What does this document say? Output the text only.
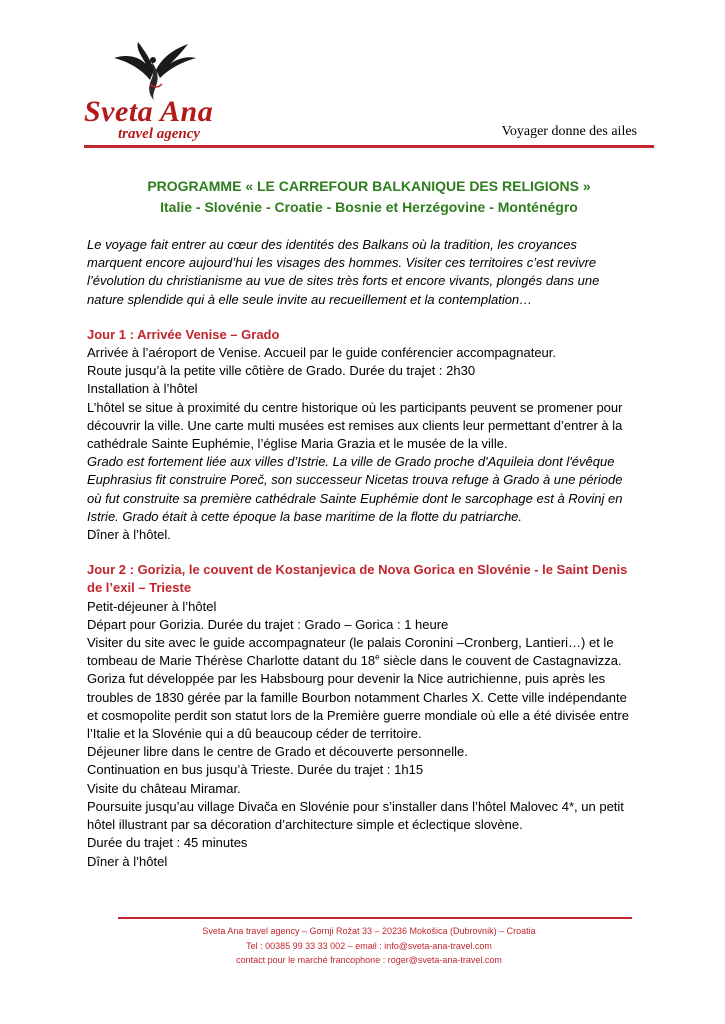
Sveta Ana
travel agency	Voyager donne des ailes
PROGRAMME « LE CARREFOUR BALKANIQUE DES RELIGIONS »
Italie - Slovénie - Croatie - Bosnie et Herzégovine - Monténégro

Le voyage fait entrer au cœur des identités des Balkans où la tradition, les croyances marquent encore aujourd’hui les visages des hommes. Visiter ces territoires c’est revivre l’évolution du christianisme au vue de sites très forts et encore vivants, plongés dans une nature splendide qui à elle seule invite au recueillement et la contemplation…

Jour 1 : Arrivée Venise – Grado

Arrivée à l’aéroport de Venise. Accueil par le guide conférencier accompagnateur.

Route jusqu’à la petite ville côtière de Grado. Durée du trajet : 2h30

Installation à l’hôtel

L’hôtel se situe à proximité du centre historique où les participants peuvent se promener pour découvrir la ville. Une carte multi musées est remises aux clients leur permettant d’entrer à la cathédrale Sainte Euphémie, l’église Maria Grazia et le musée de la ville.

Grado est fortement liée aux villes d’Istrie. La ville de Grado proche d'Aquileia dont l'évêque Euphrasius fit construire Poreč, son successeur Nicetas trouva refuge à Grado à une période où fut construite sa première cathédrale Sainte Euphémie dont le sarcophage est à Rovinj en Istrie. Grado était à cette époque la base maritime de la flotte du patriarche.

Dîner à l’hôtel.

Jour 2 : Gorizia, le couvent de Kostanjevica de Nova Gorica en Slovénie - le Saint Denis de l’exil – Trieste

Petit-déjeuner à l’hôtel

Départ pour Gorizia. Durée du trajet : Grado – Gorica : 1 heure

Visiter du site avec le guide accompagnateur (le palais Coronini –Cronberg, Lantieri…) et le tombeau de Marie Thérèse Charlotte datant du 18e siècle dans le couvent de Castagnavizza.

Goriza fut développée par les Habsbourg pour devenir la Nice autrichienne, puis après les troubles de 1830 gérée par la famille Bourbon notamment Charles X. Cette ville indépendante et cosmopolite perdit son statut lors de la Première guerre mondiale où elle a été divisée entre l’Italie et la Slovénie qui a dû beaucoup céder de territoire.

Déjeuner libre dans le centre de Grado et découverte personnelle.

Continuation en bus jusqu’à Trieste. Durée du trajet : 1h15

Visite du château Miramar.

Poursuite jusqu’au village Divača en Slovénie pour s’installer dans l’hôtel Malovec 4*, un petit hôtel illustrant par sa décoration d’architecture simple et éclectique slovène.

Durée du trajet : 45 minutes

Dîner à l’hôtel

Sveta Ana travel agency – Gornji Rožat 33 – 20236 Mokošica (Dubrovnik) – Croatia
Tel : 00385 99 33 33 002 – email : info@sveta-ana-travel.com
contact pour le marché francophone : roger@sveta-ana-travel.com
